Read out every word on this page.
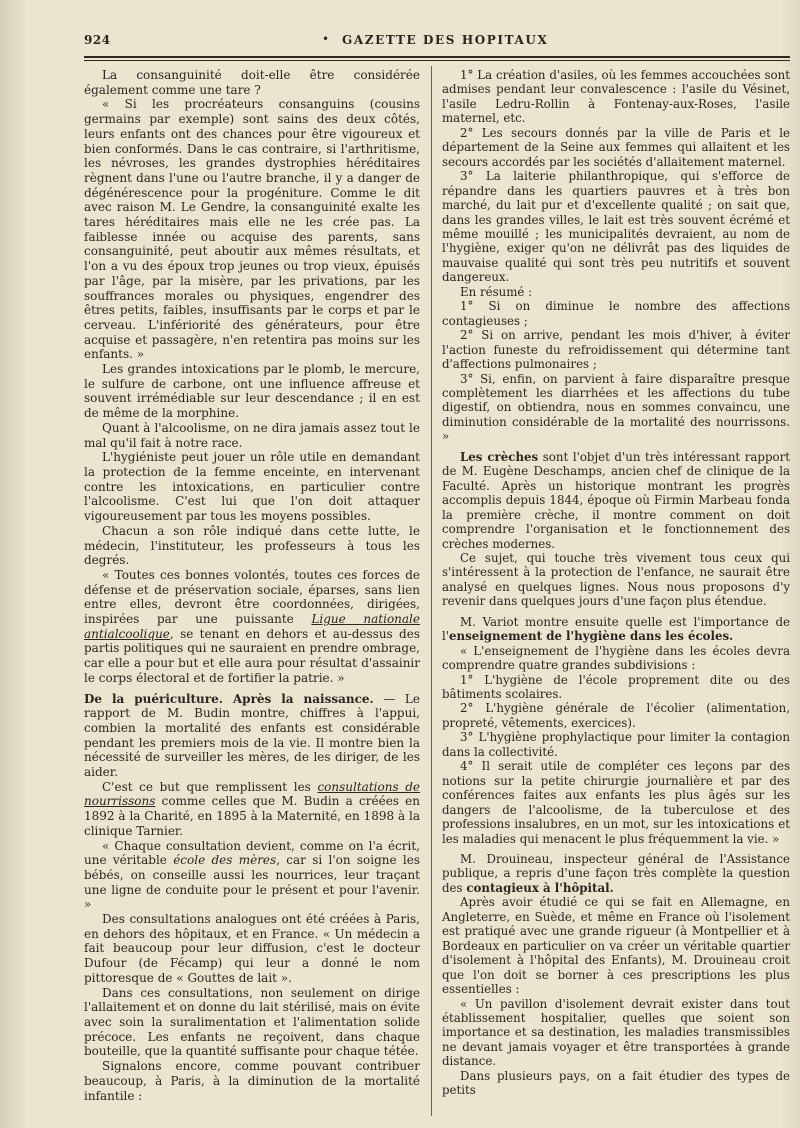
924	• GAZETTE DES HOPITAUX

La consanguinité doit-elle être considérée également comme une tare ?

« Si les procréateurs consanguins (cousins germains par exemple) sont sains des deux côtés, leurs enfants ont des chances pour être vigoureux et bien conformés. Dans le cas contraire, si l'arthritisme, les névroses, les grandes dystrophies héréditaires règnent dans l'une ou l'autre branche, il y a danger de dégénérescence pour la progéniture. Comme le dit avec raison M. Le Gendre, la consanguinité exalte les tares héréditaires mais elle ne les crée pas. La faiblesse innée ou acquise des parents, sans consanguinité, peut aboutir aux mêmes résultats, et l'on a vu des époux trop jeunes ou trop vieux, épuisés par l'âge, par la misère, par les privations, par les souffrances morales ou physiques, engendrer des êtres petits, faibles, insuffisants par le corps et par le cerveau. L'infériorité des générateurs, pour être acquise et passagère, n'en retentira pas moins sur les enfants. »

Les grandes intoxications par le plomb, le mercure, le sulfure de carbone, ont une influence affreuse et souvent irrémédiable sur leur descendance ; il en est de même de la morphine.

Quant à l'alcoolisme, on ne dira jamais assez tout le mal qu'il fait à notre race.

L'hygiéniste peut jouer un rôle utile en demandant la protection de la femme enceinte, en intervenant contre les intoxications, en particulier contre l'alcoolisme. C'est lui que l'on doit attaquer vigoureusement par tous les moyens possibles.

Chacun a son rôle indiqué dans cette lutte, le médecin, l'instituteur, les professeurs à tous les degrés.

« Toutes ces bonnes volontés, toutes ces forces de défense et de préservation sociale, éparses, sans lien entre elles, devront être coordonnées, dirigées, inspirées par une puissante Ligue nationale antialcoolique, se tenant en dehors et au-dessus des partis politiques qui ne sauraient en prendre ombrage, car elle a pour but et elle aura pour résultat d'assainir le corps électoral et de fortifier la patrie. »

De la puériculture. Après la naissance. — Le rapport de M. Budin montre, chiffres à l'appui, combien la mortalité des enfants est considérable pendant les premiers mois de la vie. Il montre bien la nécessité de surveiller les mères, de les diriger, de les aider.

C'est ce but que remplissent les consultations de nourrissons comme celles que M. Budin a créées en 1892 à la Charité, en 1895 à la Maternité, en 1898 à la clinique Tarnier.

« Chaque consultation devient, comme on l'a écrit, une véritable école des mères, car si l'on soigne les bébés, on conseille aussi les nourrices, leur traçant une ligne de conduite pour le présent et pour l'avenir. »

Des consultations analogues ont été créées à Paris, en dehors des hôpitaux, et en France. « Un médecin a fait beaucoup pour leur diffusion, c'est le docteur Dufour (de Fécamp) qui leur a donné le nom pittoresque de « Gouttes de lait ».

Dans ces consultations, non seulement on dirige l'allaitement et on donne du lait stérilisé, mais on évite avec soin la suralimentation et l'alimentation solide précoce. Les enfants ne reçoivent, dans chaque bouteille, que la quantité suffisante pour chaque tétée.

Signalons encore, comme pouvant contribuer beaucoup, à Paris, à la diminution de la mortalité infantile :

1° La création d'asiles, où les femmes accouchées sont admises pendant leur convalescence : l'asile du Vésinet, l'asile Ledru-Rollin à Fontenay-aux-Roses, l'asile maternel, etc.

2° Les secours donnés par la ville de Paris et le département de la Seine aux femmes qui allaitent et les secours accordés par les sociétés d'allaitement maternel.

3° La laiterie philanthropique, qui s'efforce de répandre dans les quartiers pauvres et à très bon marché, du lait pur et d'excellente qualité ; on sait que, dans les grandes villes, le lait est très souvent écrémé et même mouillé ; les municipalités devraient, au nom de l'hygiène, exiger qu'on ne délivrât pas des liquides de mauvaise qualité qui sont très peu nutritifs et souvent dangereux.

En résumé :

1° Si on diminue le nombre des affections contagieuses ;

2° Si on arrive, pendant les mois d'hiver, à éviter l'action funeste du refroidissement qui détermine tant d'affections pulmonaires ;

3° Si, enfin, on parvient à faire disparaître presque complètement les diarrhées et les affections du tube digestif, on obtiendra, nous en sommes convaincu, une diminution considérable de la mortalité des nourrissons. »

Les crèches sont l'objet d'un très intéressant rapport de M. Eugène Deschamps, ancien chef de clinique de la Faculté. Après un historique montrant les progrès accomplis depuis 1844, époque où Firmin Marbeau fonda la première crèche, il montre comment on doit comprendre l'organisation et le fonctionnement des crèches modernes.

Ce sujet, qui touche très vivement tous ceux qui s'intéressent à la protection de l'enfance, ne saurait être analysé en quelques lignes. Nous nous proposons d'y revenir dans quelques jours d'une façon plus étendue.

M. Variot montre ensuite quelle est l'importance de l'enseignement de l'hygiène dans les écoles.

« L'enseignement de l'hygiène dans les écoles devra comprendre quatre grandes subdivisions :

1° L'hygiène de l'école proprement dite ou des bâtiments scolaires.

2° L'hygiène générale de l'écolier (alimentation, propreté, vêtements, exercices).

3° L'hygiène prophylactique pour limiter la contagion dans la collectivité.

4° Il serait utile de compléter ces leçons par des notions sur la petite chirurgie journalière et par des conférences faites aux enfants les plus âgés sur les dangers de l'alcoolisme, de la tuberculose et des professions insalubres, en un mot, sur les intoxications et les maladies qui menacent le plus fréquemment la vie. »

M. Drouineau, inspecteur général de l'Assistance publique, a repris d'une façon très complète la question des contagieux à l'hôpital.

Après avoir étudié ce qui se fait en Allemagne, en Angleterre, en Suède, et même en France où l'isolement est pratiqué avec une grande rigueur (à Montpellier et à Bordeaux en particulier on va créer un véritable quartier d'isolement à l'hôpital des Enfants), M. Drouineau croit que l'on doit se borner à ces prescriptions les plus essentielles :

« Un pavillon d'isolement devrait exister dans tout établissement hospitalier, quelles que soient son importance et sa destination, les maladies transmissibles ne devant jamais voyager et être transportées à grande distance.

Dans plusieurs pays, on a fait étudier des types de petits
